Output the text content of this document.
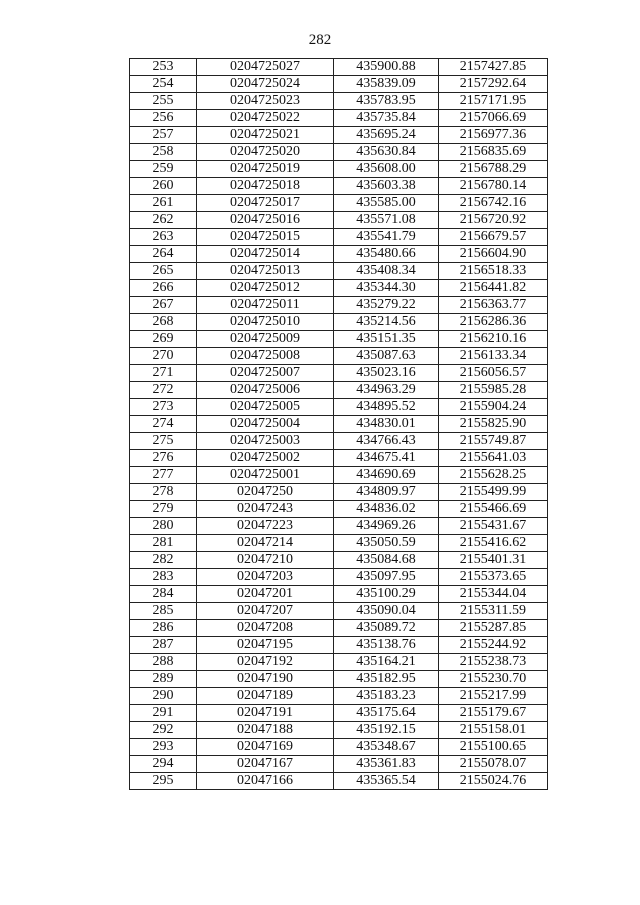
282
253	0204725027	435900.88	2157427.85
254	0204725024	435839.09	2157292.64
255	0204725023	435783.95	2157171.95
256	0204725022	435735.84	2157066.69
257	0204725021	435695.24	2156977.36
258	0204725020	435630.84	2156835.69
259	0204725019	435608.00	2156788.29
260	0204725018	435603.38	2156780.14
261	0204725017	435585.00	2156742.16
262	0204725016	435571.08	2156720.92
263	0204725015	435541.79	2156679.57
264	0204725014	435480.66	2156604.90
265	0204725013	435408.34	2156518.33
266	0204725012	435344.30	2156441.82
267	0204725011	435279.22	2156363.77
268	0204725010	435214.56	2156286.36
269	0204725009	435151.35	2156210.16
270	0204725008	435087.63	2156133.34
271	0204725007	435023.16	2156056.57
272	0204725006	434963.29	2155985.28
273	0204725005	434895.52	2155904.24
274	0204725004	434830.01	2155825.90
275	0204725003	434766.43	2155749.87
276	0204725002	434675.41	2155641.03
277	0204725001	434690.69	2155628.25
278	02047250	434809.97	2155499.99
279	02047243	434836.02	2155466.69
280	02047223	434969.26	2155431.67
281	02047214	435050.59	2155416.62
282	02047210	435084.68	2155401.31
283	02047203	435097.95	2155373.65
284	02047201	435100.29	2155344.04
285	02047207	435090.04	2155311.59
286	02047208	435089.72	2155287.85
287	02047195	435138.76	2155244.92
288	02047192	435164.21	2155238.73
289	02047190	435182.95	2155230.70
290	02047189	435183.23	2155217.99
291	02047191	435175.64	2155179.67
292	02047188	435192.15	2155158.01
293	02047169	435348.67	2155100.65
294	02047167	435361.83	2155078.07
295	02047166	435365.54	2155024.76
